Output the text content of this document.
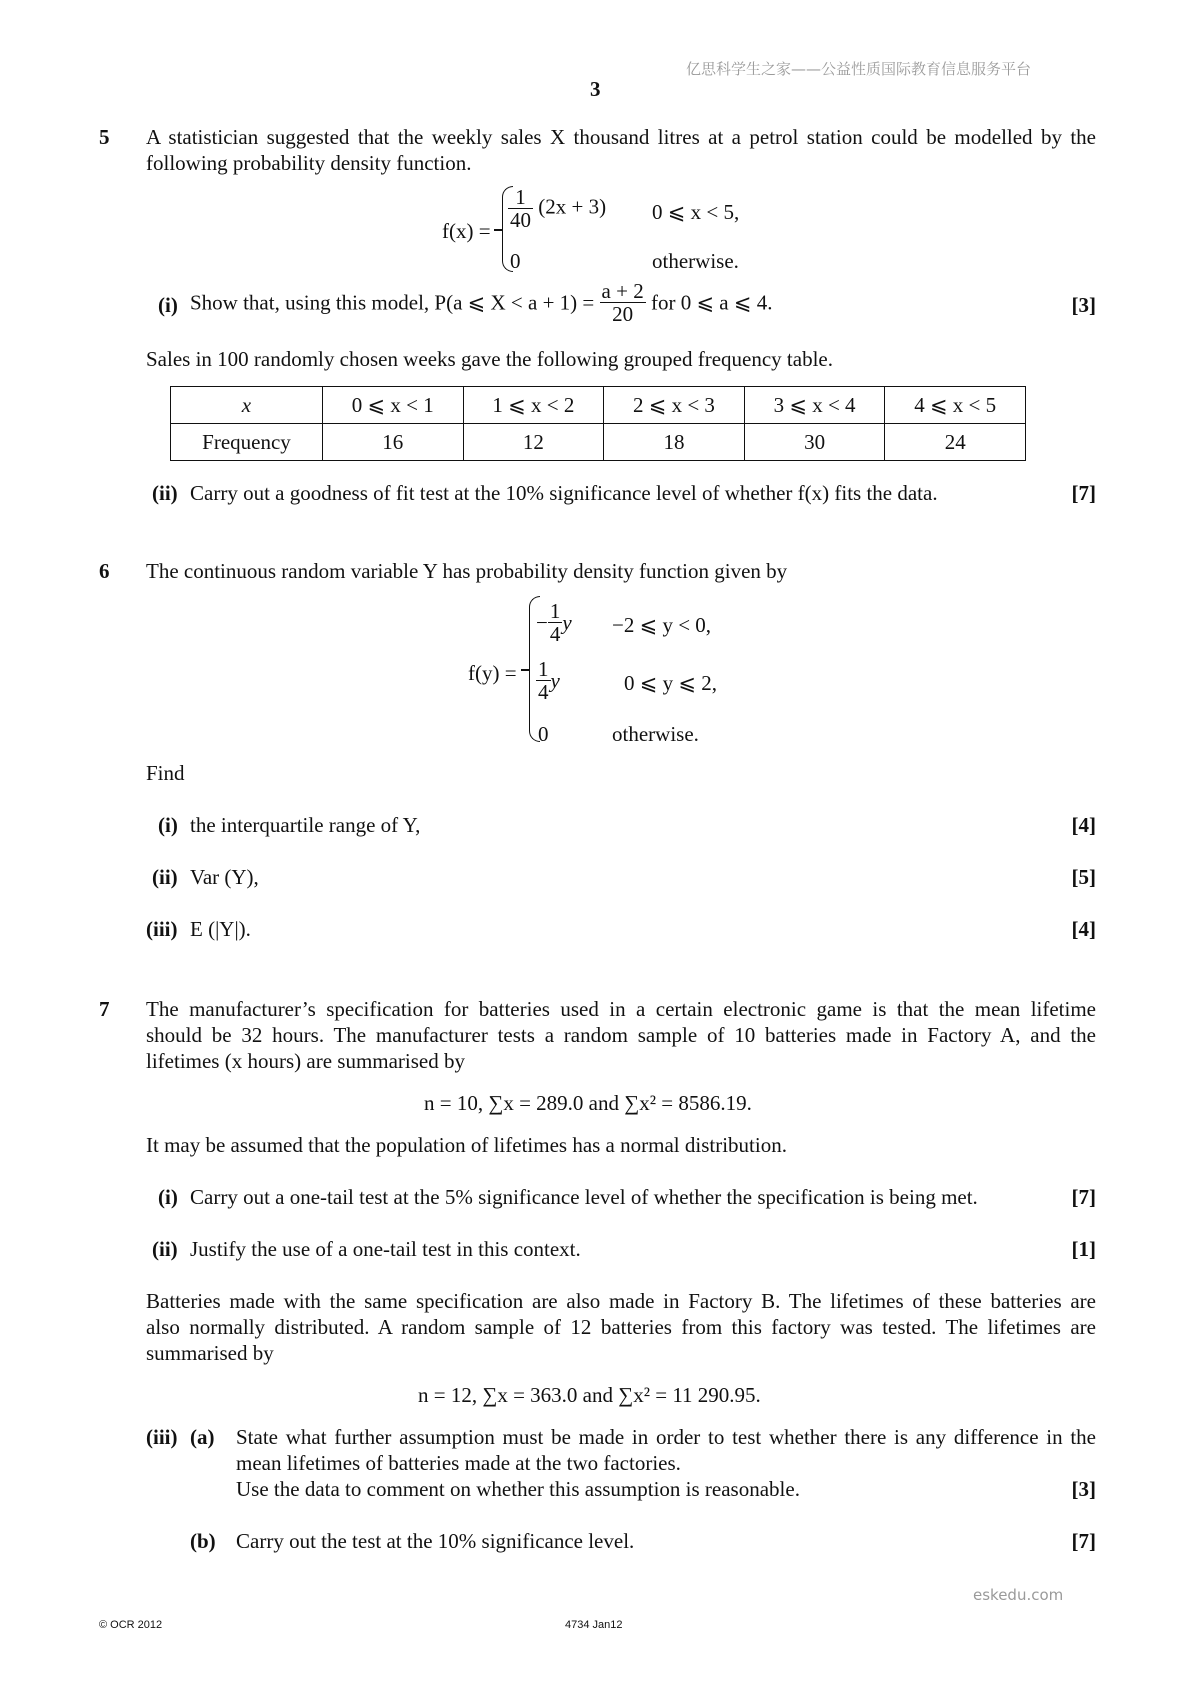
亿思科学生之家——公益性质国际教育信息服务平台
3
5 A statistician suggested that the weekly sales X thousand litres at a petrol station could be modelled by the
following probability density function.
$f(x) = \frac{1}{40} (2x + 3)$ 0 ⩽ x < 5,
0	otherwise.
(i) Show that, using this model, P(a ⩽ $X < a + 1) = \frac{a + 2}{20}$ for 0 ⩽ a ⩽ 4.	[3]
Sales in 100 randomly chosen weeks gave the following grouped frequency table.
x	0 ⩽ x < 1	1 ⩽ x < 2	2 ⩽ x < 3	3 ⩽ x < 4	4 ⩽ x < 5
Frequency	16	12	18	30	24
(ii) Carry out a goodness of fit test at the 10% significance level of whether f(x) fits the data.	[7]
6 The continuous random variable Y has probability density function given by
f(y) =
− $\frac{1}{4}$ y −2 ⩽ y < 0,
$\frac{1}{4}$ y	0 ⩽ y ⩽ 2,
0	otherwise.
Find
(i) the interquartile range of Y,	[4]
(ii) Var (Y),	[5]
(iii) E (|Y|).	[4]
7 The manufacturer’s specification for batteries used in a certain electronic game is that the mean lifetime
should be 32 hours. The manufacturer tests a random sample of 10 batteries made in Factory A, and the
lifetimes (x hours) are summarised by
n = 10, ∑x = 289.0 and ∑x² = 8586.19.
It may be assumed that the population of lifetimes has a normal distribution.
(i) Carry out a one-tail test at the 5% significance level of whether the specification is being met.	[7]
(ii) Justify the use of a one-tail test in this context.	[1]
Batteries made with the same specification are also made in Factory B. The lifetimes of these batteries are
also normally distributed. A random sample of 12 batteries from this factory was tested. The lifetimes are
summarised by
n = 12, ∑x = 363.0 and ∑x² = 11 290.95.
(iii) (a) State what further assumption must be made in order to test whether there is any difference in the
mean lifetimes of batteries made at the two factories.
Use the data to comment on whether this assumption is reasonable.	[3]
(b) Carry out the test at the 10% significance level.	[7]
eskedu.com
© OCR 2012	4734 Jan12
